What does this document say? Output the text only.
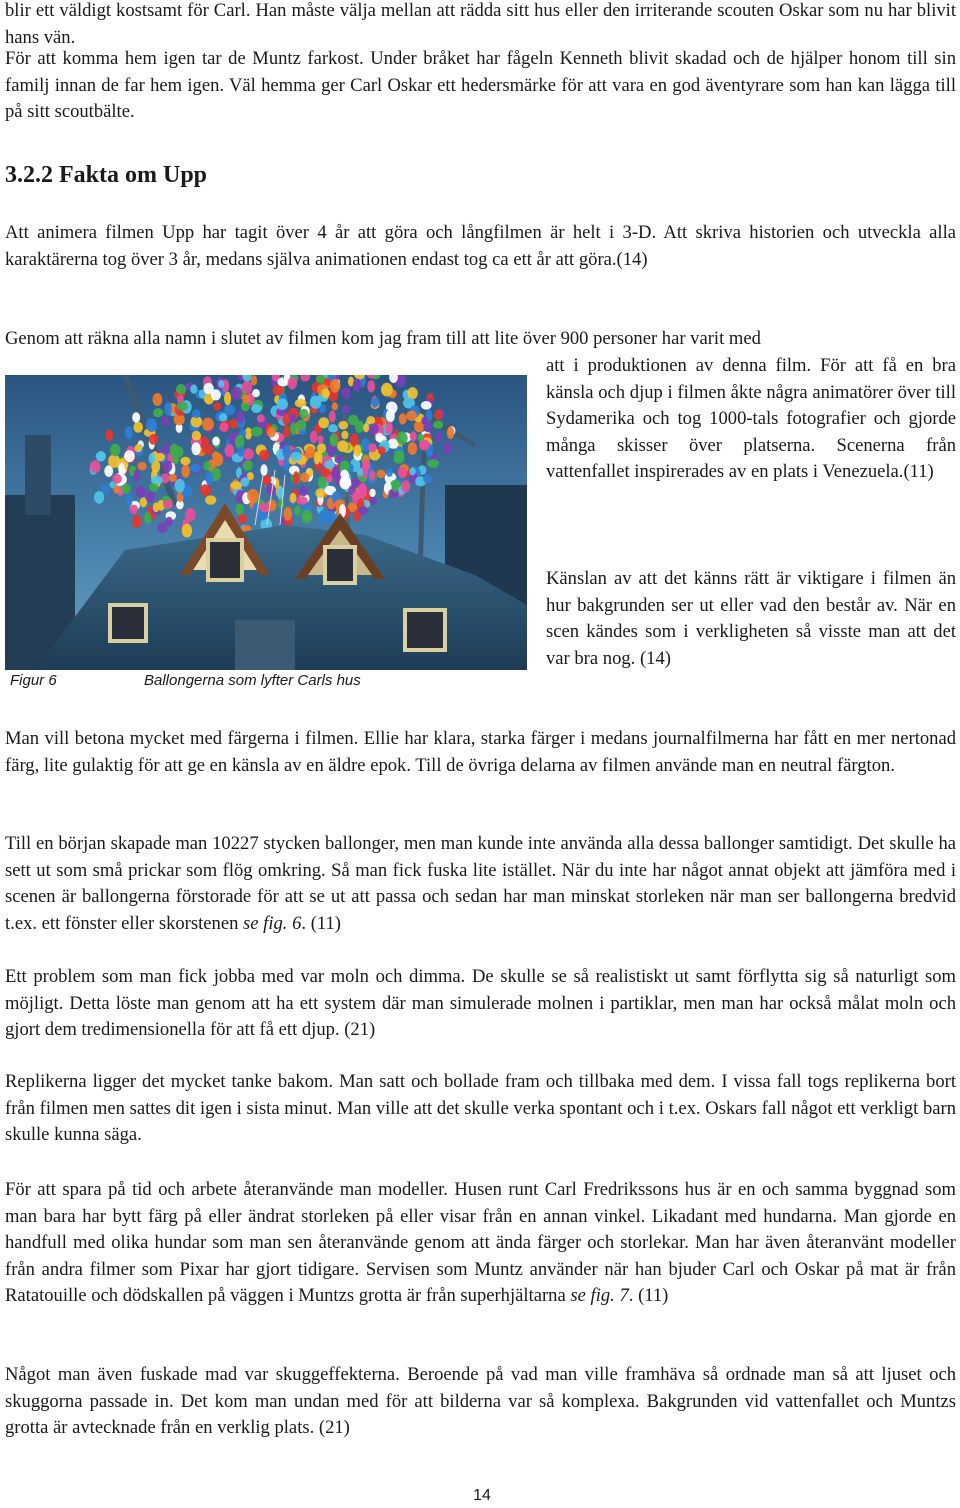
blir ett väldigt kostsamt för Carl. Han måste välja mellan att rädda sitt hus eller den irriterande scouten Oskar som nu har blivit hans vän.

För att komma hem igen tar de Muntz farkost. Under bråket har fågeln Kenneth blivit skadad och de hjälper honom till sin familj innan de far hem igen. Väl hemma ger Carl Oskar ett hedersmärke för att vara en god äventyrare som han kan lägga till på sitt scoutbälte.

3.2.2 Fakta om Upp

Att animera filmen Upp har tagit över 4 år att göra och långfilmen är helt i 3-D. Att skriva historien och utveckla alla karaktärerna tog över 3 år, medans själva animationen endast tog ca ett år att göra.(14)

Genom att räkna alla namn i slutet av filmen kom jag fram till att lite över 900 personer har varit med

att i produktionen av denna film. För att få en bra känsla och djup i filmen åkte några animatörer över till Sydamerika och tog 1000-tals fotografier och gjorde många skisser över platserna. Scenerna från vattenfallet inspirerades av en plats i Venezuela.(11)

Känslan av att det känns rätt är viktigare i filmen än hur bakgrunden ser ut eller vad den består av. När en scen kändes som i verkligheten så visste man att det var bra nog. (14)

Figur 6	Ballongerna som lyfter Carls hus

Man vill betona mycket med färgerna i filmen. Ellie har klara, starka färger i medans journalfilmerna har fått en mer nertonad färg, lite gulaktig för att ge en känsla av en äldre epok. Till de övriga delarna av filmen använde man en neutral färgton.

Till en början skapade man 10227 stycken ballonger, men man kunde inte använda alla dessa ballonger samtidigt. Det skulle ha sett ut som små prickar som flög omkring. Så man fick fuska lite istället. När du inte har något annat objekt att jämföra med i scenen är ballongerna förstorade för att se ut att passa och sedan har man minskat storleken när man ser ballongerna bredvid t.ex. ett fönster eller skorstenen se fig. 6. (11)

Ett problem som man fick jobba med var moln och dimma. De skulle se så realistiskt ut samt förflytta sig så naturligt som möjligt. Detta löste man genom att ha ett system där man simulerade molnen i partiklar, men man har också målat moln och gjort dem tredimensionella för att få ett djup. (21)

Replikerna ligger det mycket tanke bakom. Man satt och bollade fram och tillbaka med dem. I vissa fall togs replikerna bort från filmen men sattes dit igen i sista minut. Man ville att det skulle verka spontant och i t.ex. Oskars fall något ett verkligt barn skulle kunna säga.

För att spara på tid och arbete återanvände man modeller. Husen runt Carl Fredrikssons hus är en och samma byggnad som man bara har bytt färg på eller ändrat storleken på eller visar från en annan vinkel. Likadant med hundarna. Man gjorde en handfull med olika hundar som man sen återanvände genom att ända färger och storlekar. Man har även återanvänt modeller från andra filmer som Pixar har gjort tidigare. Servisen som Muntz använder när han bjuder Carl och Oskar på mat är från Ratatouille och dödskallen på väggen i Muntzs grotta är från superhjältarna se fig. 7. (11)

Något man även fuskade mad var skuggeffekterna. Beroende på vad man ville framhäva så ordnade man så att ljuset och skuggorna passade in. Det kom man undan med för att bilderna var så komplexa. Bakgrunden vid vattenfallet och Muntzs grotta är avtecknade från en verklig plats. (21)

14
